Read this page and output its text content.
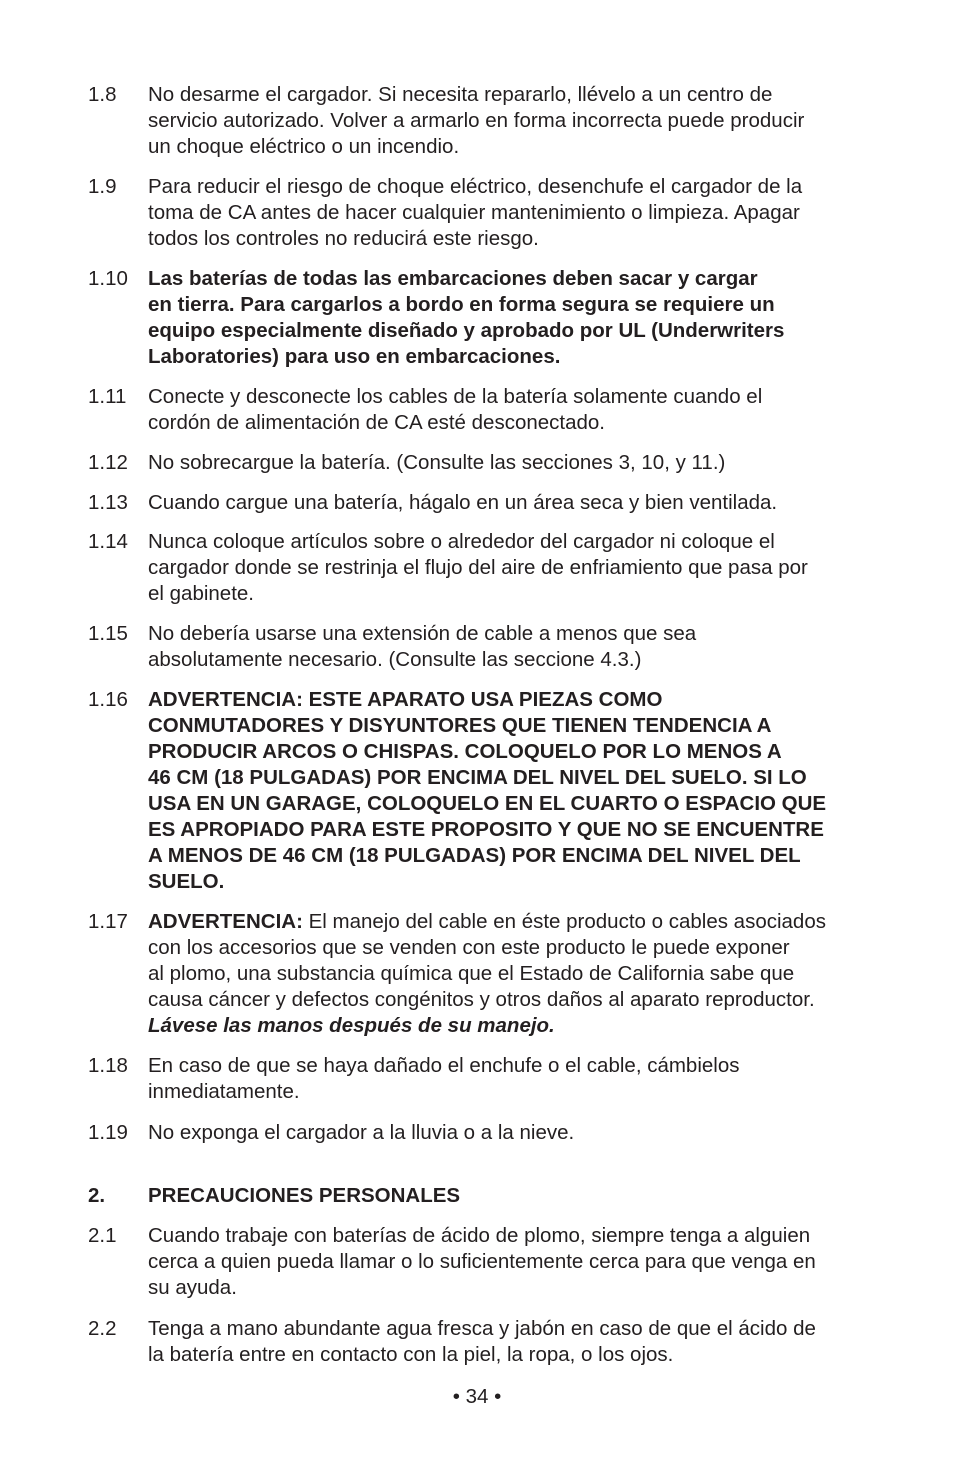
1.8	No desarme el cargador. Si necesita repararlo, llévelo a un centro de
servicio autorizado. Volver a armarlo en forma incorrecta puede producir
un choque eléctrico o un incendio.
1.9	Para reducir el riesgo de choque eléctrico, desenchufe el cargador de la
toma de CA antes de hacer cualquier mantenimiento o limpieza. Apagar
todos los controles no reducirá este riesgo.
1.10 Las baterías de todas las embarcaciones deben sacar y cargar
en tierra. Para cargarlos a bordo en forma segura se requiere un
equipo especialmente diseñado y aprobado por UL (Underwriters
Laboratories) para uso en embarcaciones.
1.11	Conecte y desconecte los cables de la batería solamente cuando el
cordón de alimentación de CA esté desconectado.
1.12 No sobrecargue la batería. (Consulte las secciones 3, 10, y 11.)
1.13 Cuando cargue una batería, hágalo en un área seca y bien ventilada.
1.14 Nunca coloque artículos sobre o alrededor del cargador ni coloque el
cargador donde se restrinja el flujo del aire de enfriamiento que pasa por
el gabinete.
1.15 No debería usarse una extensión de cable a menos que sea
absolutamente necesario. (Consulte las seccione 4.3.)
1.16 ADVERTENCIA: ESTE APARATO USA PIEZAS COMO
CONMUTADORES Y DISYUNTORES QUE TIENEN TENDENCIA A
PRODUCIR ARCOS O CHISPAS. COLOQUELO POR LO MENOS A
46 CM (18 PULGADAS) POR ENCIMA DEL NIVEL DEL SUELO. SI LO
USA EN UN GARAGE, COLOQUELO EN EL CUARTO O ESPACIO QUE
ES APROPIADO PARA ESTE PROPOSITO Y QUE NO SE ENCUENTRE
A MENOS DE 46 CM (18 PULGADAS) POR ENCIMA DEL NIVEL DEL
SUELO.
1.17 ADVERTENCIA: El manejo del cable en éste producto o cables asociados
con los accesorios que se venden con este producto le puede exponer
al plomo, una substancia química que el Estado de California sabe que
causa cáncer y defectos congénitos y otros daños al aparato reproductor.
Lávese las manos después de su manejo.
1.18 En caso de que se haya dañado el enchufe o el cable, cámbielos
inmediatamente.
1.19 No exponga el cargador a la lluvia o a la nieve.
2.	PRECAUCIONES PERSONALES
2.1	Cuando trabaje con baterías de ácido de plomo, siempre tenga a alguien
cerca a quien pueda llamar o lo suficientemente cerca para que venga en
su ayuda.
2.2	Tenga a mano abundante agua fresca y jabón en caso de que el ácido de
la batería entre en contacto con la piel, la ropa, o los ojos.
• 34 •
